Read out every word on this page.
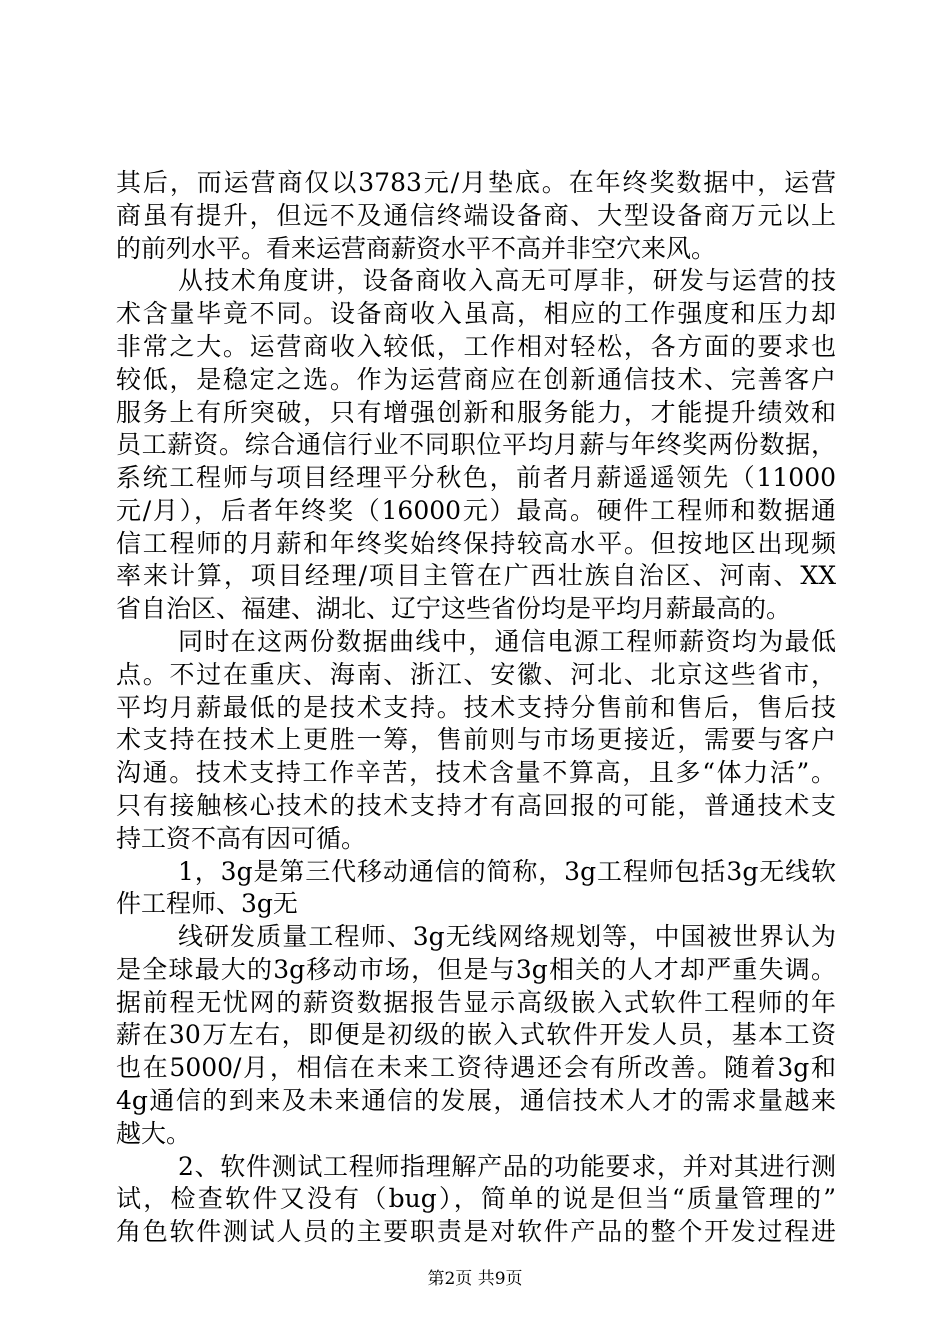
其后，而运营商仅以3783元/月垫底。在年终奖数据中，运营
商虽有提升，但远不及通信终端设备商、大型设备商万元以上
的前列水平。看来运营商薪资水平不高并非空穴来风。
从技术角度讲，设备商收入高无可厚非，研发与运营的技
术含量毕竟不同。设备商收入虽高，相应的工作强度和压力却
非常之大。运营商收入较低，工作相对轻松，各方面的要求也
较低，是稳定之选。作为运营商应在创新通信技术、完善客户
服务上有所突破，只有增强创新和服务能力，才能提升绩效和
员工薪资。综合通信行业不同职位平均月薪与年终奖两份数据，
系统工程师与项目经理平分秋色，前者月薪遥遥领先（11000
元/月），后者年终奖（16000元）最高。硬件工程师和数据通
信工程师的月薪和年终奖始终保持较高水平。但按地区出现频
率来计算，项目经理/项目主管在广西壮族自治区、河南、XX
省自治区、福建、湖北、辽宁这些省份均是平均月薪最高的。
同时在这两份数据曲线中，通信电源工程师薪资均为最低
点。不过在重庆、海南、浙江、安徽、河北、北京这些省市，
平均月薪最低的是技术支持。技术支持分售前和售后，售后技
术支持在技术上更胜一筹，售前则与市场更接近，需要与客户
沟通。技术支持工作辛苦，技术含量不算高，且多“体力活”。
只有接触核心技术的技术支持才有高回报的可能，普通技术支
持工资不高有因可循。
1，3g是第三代移动通信的简称，3g工程师包括3g无线软
件工程师、3g无
线研发质量工程师、3g无线网络规划等，中国被世界认为
是全球最大的3g移动市场，但是与3g相关的人才却严重失调。
据前程无忧网的薪资数据报告显示高级嵌入式软件工程师的年
薪在30万左右，即便是初级的嵌入式软件开发人员，基本工资
也在5000/月，相信在未来工资待遇还会有所改善。随着3g和
4g通信的到来及未来通信的发展，通信技术人才的需求量越来
越大。
2、软件测试工程师指理解产品的功能要求，并对其进行测
试，检查软件又没有（bug），简单的说是但当“质量管理的”
角色软件测试人员的主要职责是对软件产品的整个开发过程进
第2页 共9页
